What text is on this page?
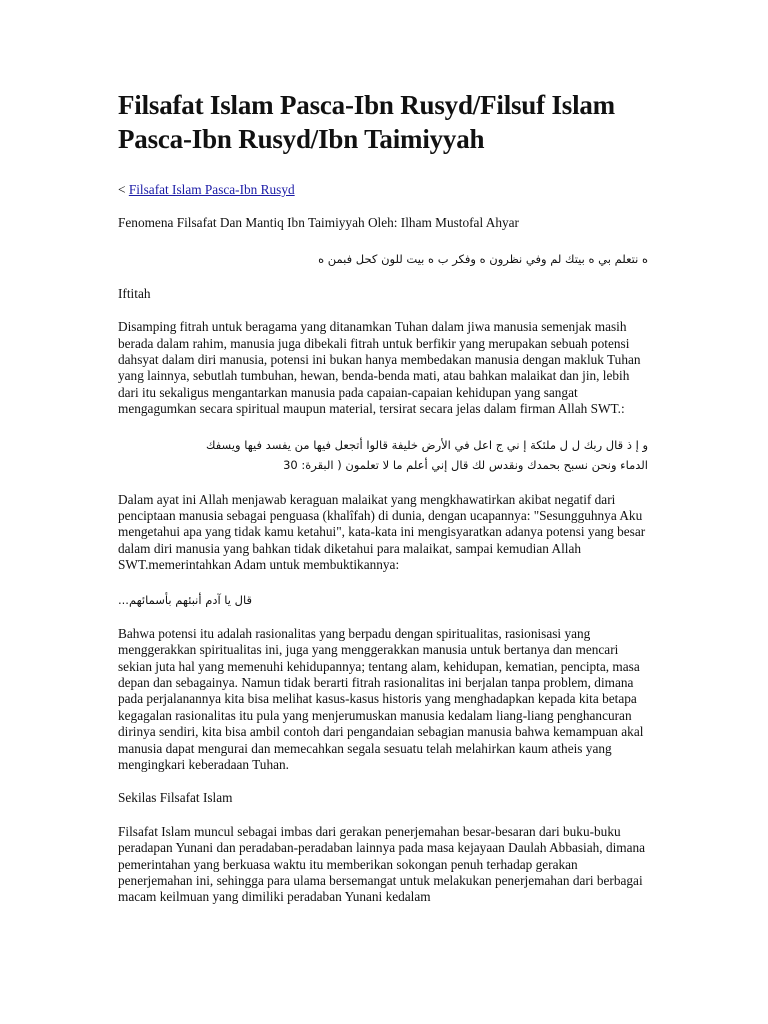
Filsafat Islam Pasca-Ibn Rusyd/Filsuf Islam Pasca-Ibn Rusyd/Ibn Taimiyyah

< Filsafat Islam Pasca-Ibn Rusyd

Fenomena Filsafat Dan Mantiq Ibn Taimiyyah Oleh: Ilham Mustofal Ahyar

ه نتعلم بي ه بيتك لم وفي نظرون ه وفكر ب ه بيت للون كحل فبمن ه

Iftitah

Disamping fitrah untuk beragama yang ditanamkan Tuhan dalam jiwa manusia semenjak masih berada dalam rahim, manusia juga dibekali fitrah untuk berfikir yang merupakan sebuah potensi dahsyat dalam diri manusia, potensi ini bukan hanya membedakan manusia dengan makluk Tuhan yang lainnya, sebutlah tumbuhan, hewan, benda-benda mati, atau bahkan malaikat dan jin, lebih dari itu sekaligus mengantarkan manusia pada capaian-capaian kehidupan yang sangat mengagumkan secara spiritual maupun material, tersirat secara jelas dalam firman Allah SWT.:

و إ ذ قال ربك ل ل ملئكة إ ني ج اعل في الأرض خليفة قالوا أتجعل فيها من يفسد فيها ويسفك
الدماء ونحن نسبح بحمدك ونقدس لك قال إني أعلم ما لا تعلمون ( البقرة: 30

Dalam ayat ini Allah menjawab keraguan malaikat yang mengkhawatirkan akibat negatif dari penciptaan manusia sebagai penguasa (khalîfah) di dunia, dengan ucapannya: "Sesungguhnya Aku mengetahui apa yang tidak kamu ketahui", kata-kata ini mengisyaratkan adanya potensi yang besar dalam diri manusia yang bahkan tidak diketahui para malaikat, sampai kemudian Allah SWT.memerintahkan Adam untuk membuktikannya:

قال يا آدم أنبئهم بأسمائهم...

Bahwa potensi itu adalah rasionalitas yang berpadu dengan spiritualitas, rasionisasi yang menggerakkan spiritualitas ini, juga yang menggerakkan manusia untuk bertanya dan mencari sekian juta hal yang memenuhi kehidupannya; tentang alam, kehidupan, kematian, pencipta, masa depan dan sebagainya. Namun tidak berarti fitrah rasionalitas ini berjalan tanpa problem, dimana pada perjalanannya kita bisa melihat kasus-kasus historis yang menghadapkan kepada kita betapa kegagalan rasionalitas itu pula yang menjerumuskan manusia kedalam liang-liang penghancuran dirinya sendiri, kita bisa ambil contoh dari pengandaian sebagian manusia bahwa kemampuan akal manusia dapat mengurai dan memecahkan segala sesuatu telah melahirkan kaum atheis yang mengingkari keberadaan Tuhan.

Sekilas Filsafat Islam

Filsafat Islam muncul sebagai imbas dari gerakan penerjemahan besar-besaran dari buku-buku peradapan Yunani dan peradaban-peradaban lainnya pada masa kejayaan Daulah Abbasiah, dimana pemerintahan yang berkuasa waktu itu memberikan sokongan penuh terhadap gerakan penerjemahan ini, sehingga para ulama bersemangat untuk melakukan penerjemahan dari berbagai macam keilmuan yang dimiliki peradaban Yunani kedalam
